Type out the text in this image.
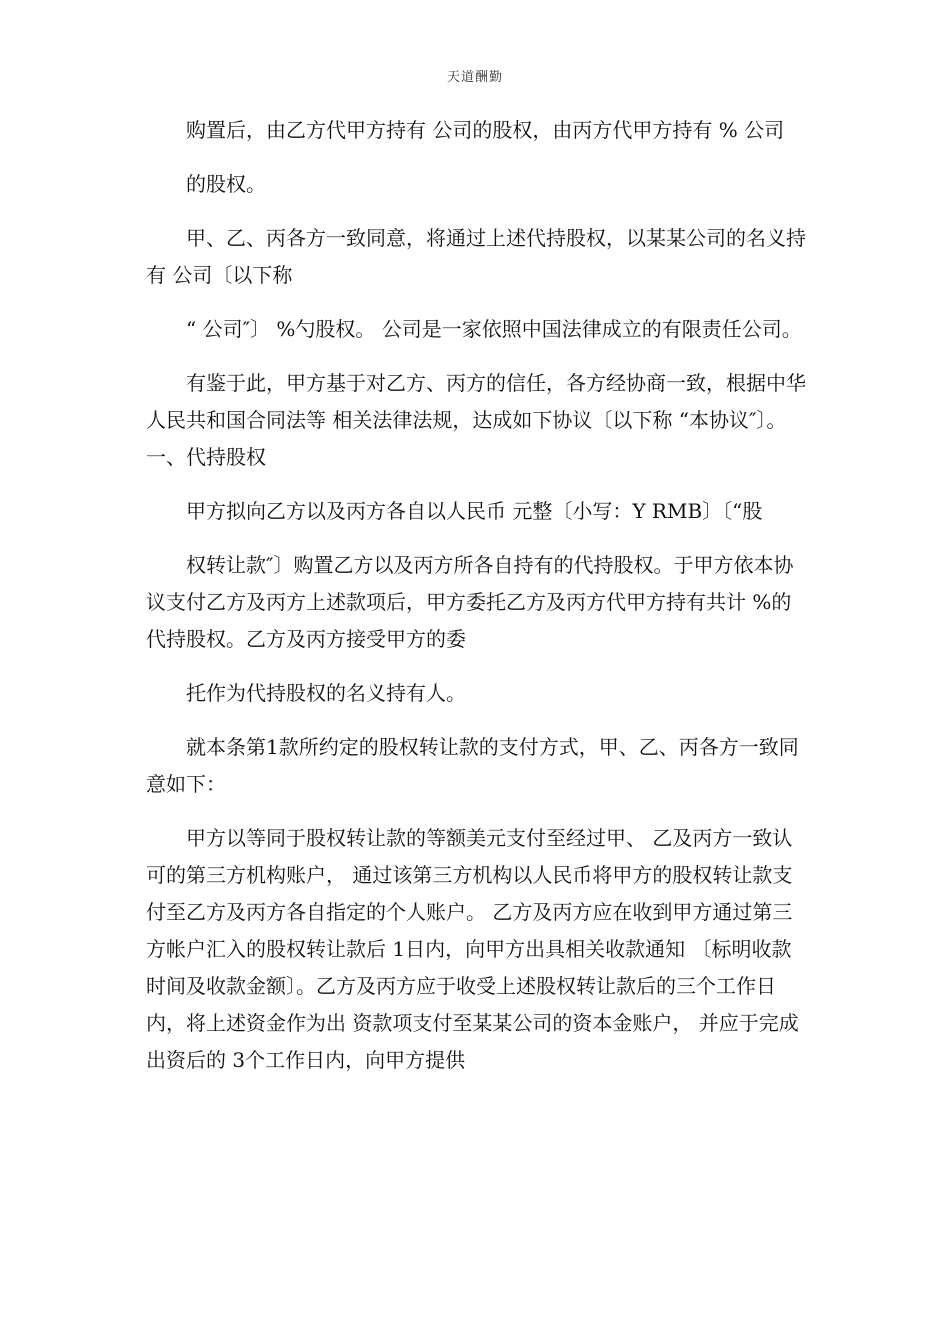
天道酬勤

购置后，由乙方代甲方持有 公司的股权，由丙方代甲方持有 % 公司

的股权。

甲、乙、丙各方一致同意，将通过上述代持股权，以某某公司的名义持有 公司〔以下称

“ 公司″〕 %勺股权。 公司是一家依照中国法律成立的有限责任公司。

有鉴于此，甲方基于对乙方、丙方的信任，各方经协商一致，根据中华人民共和国合同法等 相关法律法规，达成如下协议〔以下称 “本协议″〕。一、代持股权

甲方拟向乙方以及丙方各自以人民币 元整〔小写：Y RMB〕〔“股

权转让款″〕购置乙方以及丙方所各自持有的代持股权。于甲方依本协议支付乙方及丙方上述款项后，甲方委托乙方及丙方代甲方持有共计 %的代持股权。乙方及丙方接受甲方的委

托作为代持股权的名义持有人。

就本条第1款所约定的股权转让款的支付方式，甲、乙、丙各方一致同意如下：

甲方以等同于股权转让款的等额美元支付至经过甲、 乙及丙方一致认可的第三方机构账户， 通过该第三方机构以人民币将甲方的股权转让款支付至乙方及丙方各自指定的个人账户。 乙方及丙方应在收到甲方通过第三方帐户汇入的股权转让款后 1日内，向甲方出具相关收款通知 〔标明收款时间及收款金额〕。乙方及丙方应于收受上述股权转让款后的三个工作日内，将上述资金作为出 资款项支付至某某公司的资本金账户， 并应于完成出资后的 3个工作日内，向甲方提供
